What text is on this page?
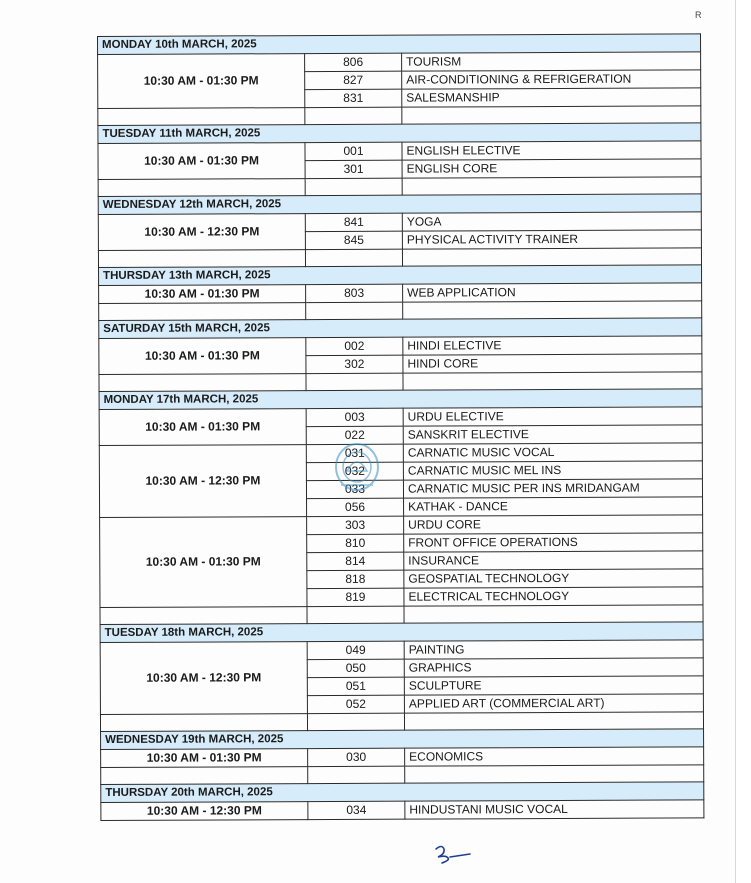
R
MONDAY 10th MARCH, 2025		
10:30 AM - 01:30 PM	806	TOURISM
	827	AIR-CONDITIONING & REFRIGERATION
	831	SALESMANSHIP

TUESDAY 11th MARCH, 2025		
10:30 AM - 01:30 PM	001	ENGLISH ELECTIVE
	301	ENGLISH CORE

WEDNESDAY 12th MARCH, 2025		
10:30 AM - 12:30 PM	841	YOGA
	845	PHYSICAL ACTIVITY TRAINER

THURSDAY 13th MARCH, 2025		
10:30 AM - 01:30 PM	803	WEB APPLICATION

SATURDAY 15th MARCH, 2025		
10:30 AM - 01:30 PM	002	HINDI ELECTIVE
	302	HINDI CORE

MONDAY 17th MARCH, 2025		
10:30 AM - 01:30 PM	003	URDU ELECTIVE
	022	SANSKRIT ELECTIVE
10:30 AM - 12:30 PM	031	CARNATIC MUSIC VOCAL
	032	CARNATIC MUSIC MEL INS
	033	CARNATIC MUSIC PER INS MRIDANGAM
	056	KATHAK - DANCE
10:30 AM - 01:30 PM	303	URDU CORE
	810	FRONT OFFICE OPERATIONS
	814	INSURANCE
	818	GEOSPATIAL TECHNOLOGY
	819	ELECTRICAL TECHNOLOGY

TUESDAY 18th MARCH, 2025		
10:30 AM - 12:30 PM	049	PAINTING
	050	GRAPHICS
	051	SCULPTURE
	052	APPLIED ART (COMMERCIAL ART)

WEDNESDAY 19th MARCH, 2025		
10:30 AM - 01:30 PM	030	ECONOMICS

THURSDAY 20th MARCH, 2025		
10:30 AM - 12:30 PM	034	HINDUSTANI MUSIC VOCAL
